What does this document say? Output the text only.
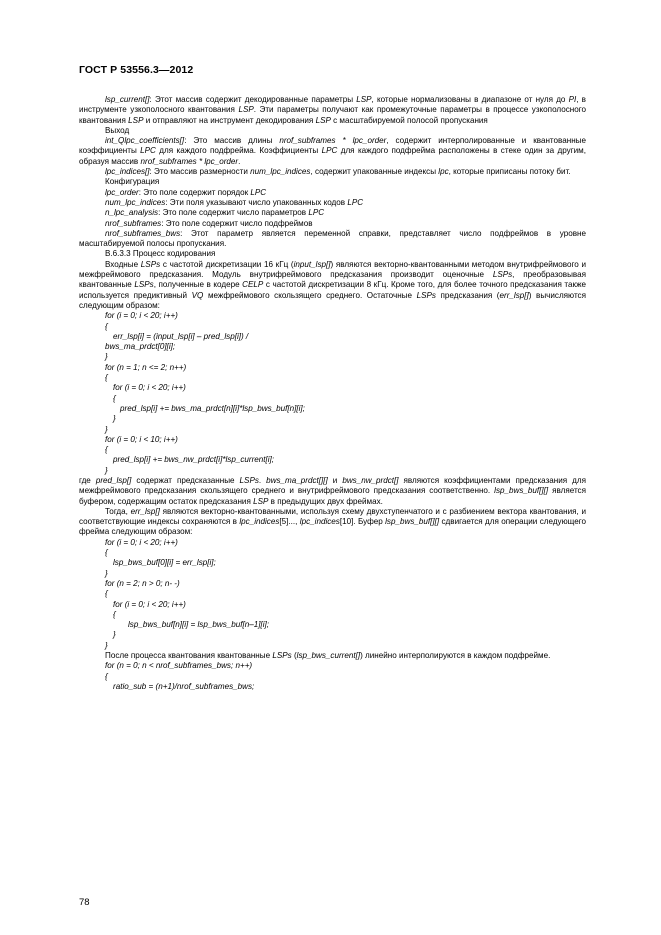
ГОСТ Р 53556.3—2012
lsp_current[]: Этот массив содержит декодированные параметры LSP, которые нормализованы в диапазоне от нуля до PI, в инструменте узкополосного квантования LSP. Эти параметры получают как промежуточные параметры в процессе узкополосного квантования LSP и отправляют на инструмент декодирования LSP с масштабируемой полосой пропускания
Выход
int_Qlpc_coefficients[]: Это массив длины nrof_subframes * lpc_order, содержит интерполированные и квантованные коэффициенты LPC для каждого подфрейма. Коэффициенты LPC для каждого подфрейма расположены в стеке один за другим, образуя массив nrof_subframes * lpc_order.
lpc_indices[]: Это массив размерности num_lpc_indices, содержит упакованные индексы lpc, которые приписаны потоку бит.
Конфигурация
lpc_order: Это поле содержит порядок LPC
num_lpc_indices: Эти поля указывают число упакованных кодов LPC
n_lpc_analysis: Это поле содержит число параметров LPC
nrof_subframes: Это поле содержит число подфреймов
nrof_subframes_bws: Этот параметр является переменной справки, представляет число подфреймов в уровне масштабируемой полосы пропускания.
В.6.3.3 Процесс кодирования
Входные LSPs с частотой дискретизации 16 кГц (input_lsp[]) являются векторно-квантованными методом внутрифреймового и межфреймового предсказания. Модуль внутрифреймового предсказания производит оценочные LSPs, преобразовывая квантованные LSPs, полученные в кодере CELP с частотой дискретизации 8 кГц. Кроме того, для более точного предсказания также используется предиктивный VQ межфреймового скользящего среднего. Остаточные LSPs предсказания (err_lsp[]) вычисляются следующим образом:
for (i = 0; i < 20; i++)
{
err_lsp[i] = (input_lsp[i] – pred_lsp[i]) /
bws_ma_prdct[0][i];
}
for (n = 1; n <= 2; n++)
{
for (i = 0; i < 20; i++)
{
pred_lsp[i] += bws_ma_prdct[n][i]*lsp_bws_buf[n][i];
}
}
for (i = 0; i < 10; i++)
{
pred_lsp[i] += bws_nw_prdct[i]*lsp_current[i];
}
где pred_lsp[] содержат предсказанные LSPs. bws_ma_prdct[][] и bws_nw_prdct[] являются коэффициентами предсказания для межфреймового предсказания скользящего среднего и внутрифреймового предсказания соответственно. lsp_bws_buf[][] является буфером, содержащим остаток предсказания LSP в предыдущих двух фреймах.
Тогда, err_lsp[] являются векторно-квантованными, используя схему двухступенчатого и с разбиением вектора квантования, и соответствующие индексы сохраняются в lpc_indices[5]..., lpc_indices[10]. Буфер lsp_bws_buf[][] сдвигается для операции следующего фрейма следующим образом:
for (i = 0; i < 20; i++)
{
lsp_bws_buf[0][i] = err_lsp[i];
}
for (n = 2; n > 0; n- -)
{
for (i = 0; i < 20; i++)
{
lsp_bws_buf[n][i] = lsp_bws_buf[n–1][i];
}
}
После процесса квантования квантованные LSPs (lsp_bws_current[]) линейно интерполируются в каждом подфрейме.
for (n = 0; n < nrof_subframes_bws; n++)
{
ratio_sub = (n+1)/nrof_subframes_bws;
78
